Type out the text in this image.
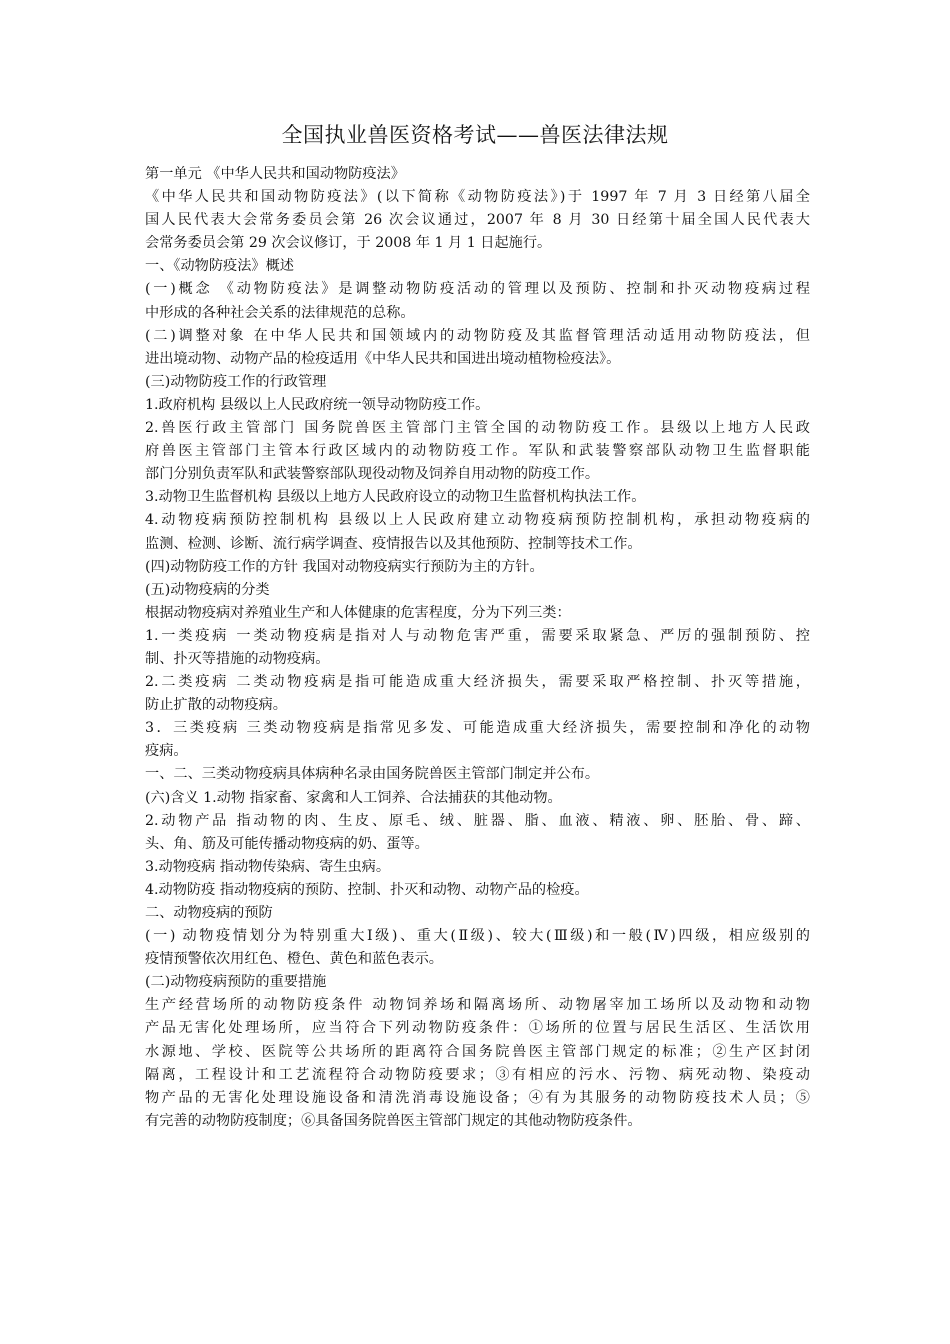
全国执业兽医资格考试——兽医法律法规
第一单元 《中华人民共和国动物防疫法》
《中华人民共和国动物防疫法》(以下简称《动物防疫法》)于 1997 年 7 月 3 日经第八届全
国人民代表大会常务委员会第 26 次会议通过，2007 年 8 月 30 日经第十届全国人民代表大
会常务委员会第 29 次会议修订，于 2008 年 1 月 1 日起施行。
一、《动物防疫法》概述
(一)概念 《动物防疫法》是调整动物防疫活动的管理以及预防、控制和扑灭动物疫病过程
中形成的各种社会关系的法律规范的总称。
(二)调整对象 在中华人民共和国领域内的动物防疫及其监督管理活动适用动物防疫法，但
进出境动物、动物产品的检疫适用《中华人民共和国进出境动植物检疫法》。
(三)动物防疫工作的行政管理
1.政府机构 县级以上人民政府统一领导动物防疫工作。
2.兽医行政主管部门 国务院兽医主管部门主管全国的动物防疫工作。县级以上地方人民政
府兽医主管部门主管本行政区域内的动物防疫工作。军队和武装警察部队动物卫生监督职能
部门分别负责军队和武装警察部队现役动物及饲养自用动物的防疫工作。
3.动物卫生监督机构 县级以上地方人民政府设立的动物卫生监督机构执法工作。
4.动物疫病预防控制机构 县级以上人民政府建立动物疫病预防控制机构，承担动物疫病的
监测、检测、诊断、流行病学调查、疫情报告以及其他预防、控制等技术工作。
(四)动物防疫工作的方针 我国对动物疫病实行预防为主的方针。
(五)动物疫病的分类
根据动物疫病对养殖业生产和人体健康的危害程度，分为下列三类：
1.一类疫病 一类动物疫病是指对人与动物危害严重，需要采取紧急、严厉的强制预防、控
制、扑灭等措施的动物疫病。
2.二类疫病 二类动物疫病是指可能造成重大经济损失，需要采取严格控制、扑灭等措施，
防止扩散的动物疫病。
3．三类疫病 三类动物疫病是指常见多发、可能造成重大经济损失，需要控制和净化的动物
疫病。
一、二、三类动物疫病具体病种名录由国务院兽医主管部门制定并公布。
(六)含义 1.动物 指家畜、家禽和人工饲养、合法捕获的其他动物。
2.动物产品 指动物的肉、生皮、原毛、绒、脏器、脂、血液、精液、卵、胚胎、骨、蹄、
头、角、筋及可能传播动物疫病的奶、蛋等。
3.动物疫病 指动物传染病、寄生虫病。
4.动物防疫 指动物疫病的预防、控制、扑灭和动物、动物产品的检疫。
二、动物疫病的预防
(一) 动物疫情划分为特别重大Ⅰ级)、重大(Ⅱ级)、较大(Ⅲ级)和一般(Ⅳ)四级，相应级别的
疫情预警依次用红色、橙色、黄色和蓝色表示。
(二)动物疫病预防的重要措施
生产经营场所的动物防疫条件 动物饲养场和隔离场所、动物屠宰加工场所以及动物和动物
产品无害化处理场所，应当符合下列动物防疫条件：①场所的位置与居民生活区、生活饮用
水源地、学校、医院等公共场所的距离符合国务院兽医主管部门规定的标准；②生产区封闭
隔离，工程设计和工艺流程符合动物防疫要求；③有相应的污水、污物、病死动物、染疫动
物产品的无害化处理设施设备和清洗消毒设施设备；④有为其服务的动物防疫技术人员；⑤
有完善的动物防疫制度；⑥具备国务院兽医主管部门规定的其他动物防疫条件。
